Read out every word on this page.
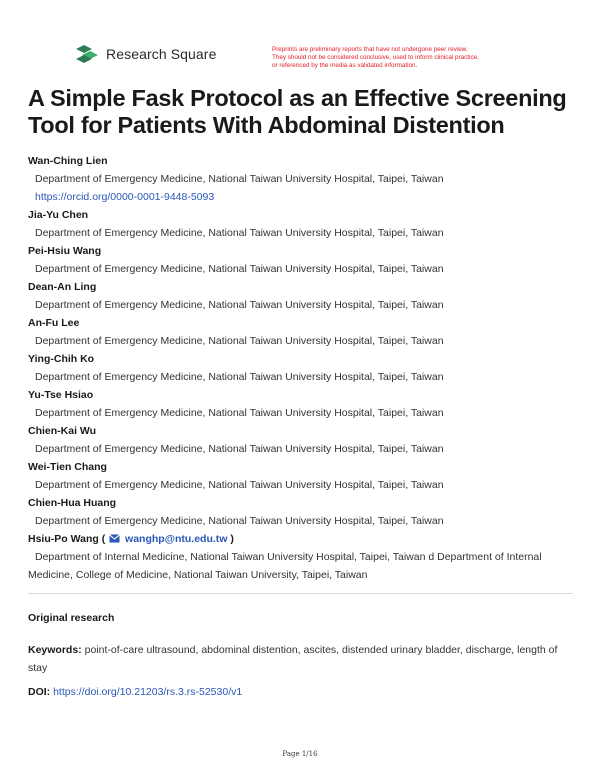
Research Square	Preprints are preliminary reports that have not undergone peer review.
They should not be considered conclusive, used to inform clinical practice,
or referenced by the media as validated information.
A Simple Fask Protocol as an Effective Screening Tool for Patients With Abdominal Distention
Wan-Ching Lien
Department of Emergency Medicine, National Taiwan University Hospital, Taipei, Taiwan
https://orcid.org/0000-0001-9448-5093
Jia-Yu Chen
Department of Emergency Medicine, National Taiwan University Hospital, Taipei, Taiwan
Pei-Hsiu Wang
Department of Emergency Medicine, National Taiwan University Hospital, Taipei, Taiwan
Dean-An Ling
Department of Emergency Medicine, National Taiwan University Hospital, Taipei, Taiwan
An-Fu Lee
Department of Emergency Medicine, National Taiwan University Hospital, Taipei, Taiwan
Ying-Chih Ko
Department of Emergency Medicine, National Taiwan University Hospital, Taipei, Taiwan
Yu-Tse Hsiao
Department of Emergency Medicine, National Taiwan University Hospital, Taipei, Taiwan
Chien-Kai Wu
Department of Emergency Medicine, National Taiwan University Hospital, Taipei, Taiwan
Wei-Tien Chang
Department of Emergency Medicine, National Taiwan University Hospital, Taipei, Taiwan
Chien-Hua Huang
Department of Emergency Medicine, National Taiwan University Hospital, Taipei, Taiwan
Hsiu-Po Wang ( wanghp@ntu.edu.tw )
Department of Internal Medicine, National Taiwan University Hospital, Taipei, Taiwan d Department of Internal Medicine, College of Medicine, National Taiwan University, Taipei, Taiwan
Original research
Keywords: point-of-care ultrasound, abdominal distention, ascites, distended urinary bladder, discharge, length of stay
DOI: https://doi.org/10.21203/rs.3.rs-52530/v1
Page 1/16
